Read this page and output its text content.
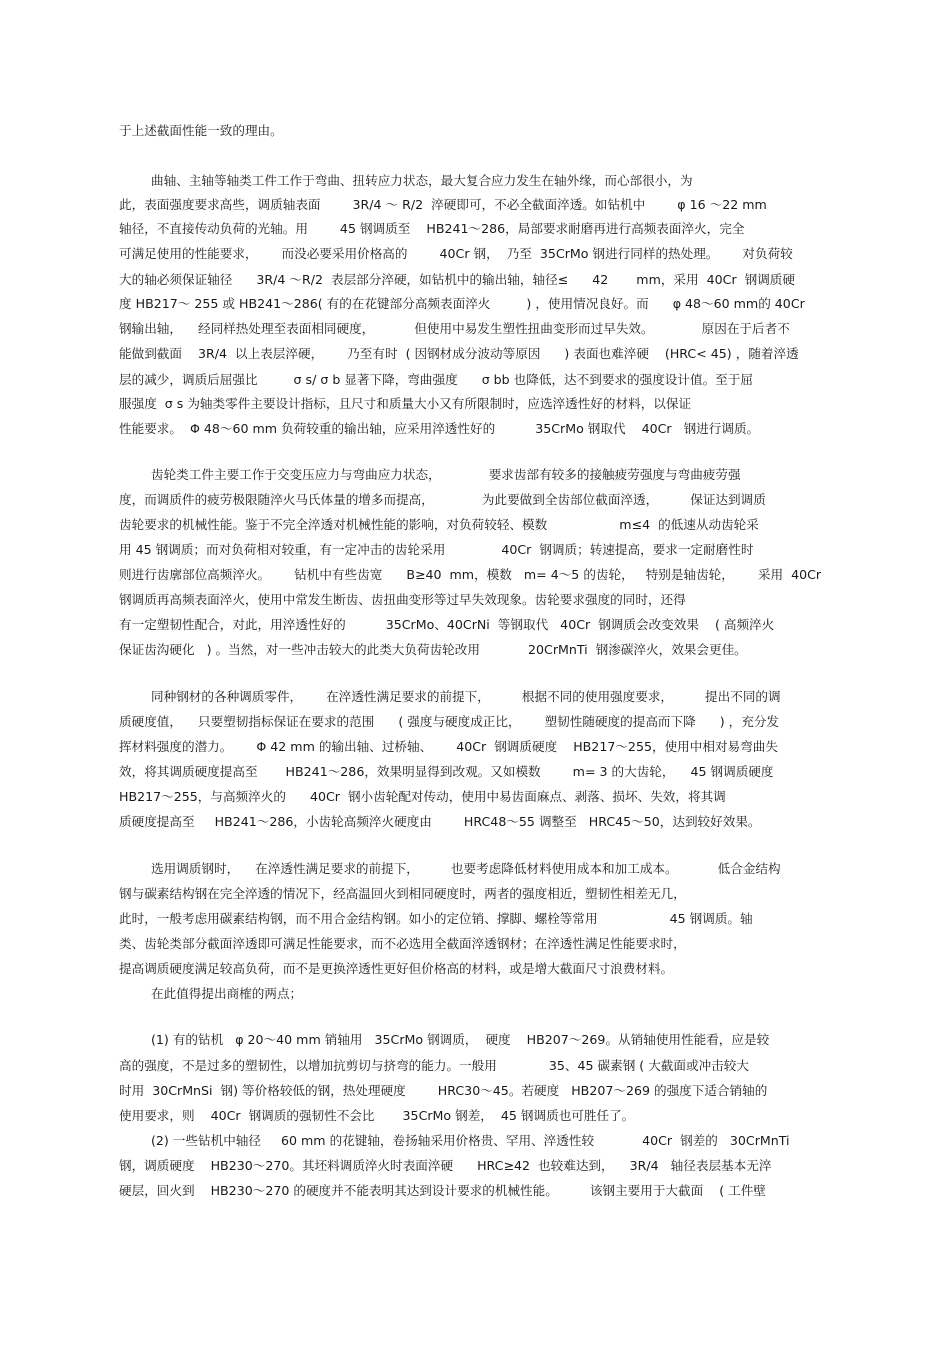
于上述截面性能一致的理由。
曲轴、主轴等轴类工件工作于弯曲、扭转应力状态，最大复合应力发生在轴外缘，而心部很小，为
此，表面强度要求高些，调质轴表面        3R/4 ～ R/2  淬硬即可，不必全截面淬透。如钻机中        φ 16 ～22 mm
轴径，不直接传动负荷的光轴。用        45 钢调质至    HB241～286，局部要求耐磨再进行高频表面淬火，完全
可满足使用的性能要求，      而没必要采用价格高的        40Cr 钢，  乃至  35CrMo 钢进行同样的热处理。      对负荷较
大的轴必须保证轴径      3R/4 ～R/2  表层部分淬硬，如钻机中的输出轴，轴径≤      42       mm，采用  40Cr  钢调质硬
度 HB217～ 255 或 HB241～286( 有的在花键部分高频表面淬火         ) ，使用情况良好。而      φ 48～60 mm的 40Cr
钢输出轴，    经同样热处理至表面相同硬度，          但使用中易发生塑性扭曲变形而过早失效。            原因在于后者不
能做到截面    3R/4  以上表层淬硬，      乃至有时  ( 因钢材成分波动等原因      ) 表面也难淬硬    (HRC< 45) ，随着淬透
层的减少，调质后屈强比         σ s/ σ b 显著下降，弯曲强度      σ bb 也降低，达不到要求的强度设计值。至于屈
服强度  σ s 为轴类零件主要设计指标，且尺寸和质量大小又有所限制时，应选淬透性好的材料，以保证
性能要求。  Φ 48～60 mm 负荷较重的输出轴，应采用淬透性好的          35CrMo 钢取代    40Cr   钢进行调质。
齿轮类工件主要工作于交变压应力与弯曲应力状态，            要求齿部有较多的接触疲劳强度与弯曲疲劳强
度，而调质件的疲劳极限随淬火马氏体量的增多而提高，            为此要做到全齿部位截面淬透，        保证达到调质
齿轮要求的机械性能。鉴于不完全淬透对机械性能的影响，对负荷较轻、模数                  m≤4  的低速从动齿轮采
用 45 钢调质；而对负荷相对较重，有一定冲击的齿轮采用              40Cr  钢调质；转速提高，要求一定耐磨性时
则进行齿廓部位高频淬火。      钻机中有些齿宽      B≥40  mm，模数   m= 4～5 的齿轮，   特别是轴齿轮，      采用  40Cr
钢调质再高频表面淬火，使用中常发生断齿、齿扭曲变形等过早失效现象。齿轮要求强度的同时，还得
有一定塑韧性配合，对此，用淬透性好的          35CrMo、40CrNi  等钢取代   40Cr  钢调质会改变效果    ( 高频淬火
保证齿沟硬化   ) 。当然，对一些冲击较大的此类大负荷齿轮改用            20CrMnTi  钢渗碳淬火，效果会更佳。
同种钢材的各种调质零件，      在淬透性满足要求的前提下，        根据不同的使用强度要求，        提出不同的调
质硬度值，    只要塑韧指标保证在要求的范围      ( 强度与硬度成正比，      塑韧性随硬度的提高而下降      ) ，充分发
挥材料强度的潜力。      Φ 42 mm 的输出轴、过桥轴、      40Cr  钢调质硬度    HB217～255，使用中相对易弯曲失
效，将其调质硬度提高至       HB241～286，效果明显得到改观。又如模数        m= 3 的大齿轮，    45 钢调质硬度
HB217～255，与高频淬火的      40Cr  钢小齿轮配对传动，使用中易齿面麻点、剥落、损坏、失效，将其调
质硬度提高至     HB241～286，小齿轮高频淬火硬度由        HRC48～55 调整至   HRC45～50，达到较好效果。
选用调质钢时，    在淬透性满足要求的前提下，        也要考虑降低材料使用成本和加工成本。          低合金结构
钢与碳素结构钢在完全淬透的情况下，经高温回火到相同硬度时，两者的强度相近，塑韧性相差无几，
此时，一般考虑用碳素结构钢，而不用合金结构钢。如小的定位销、撑脚、螺栓等常用                  45 钢调质。轴
类、齿轮类部分截面淬透即可满足性能要求，而不必选用全截面淬透钢材；在淬透性满足性能要求时，
提高调质硬度满足较高负荷，而不是更换淬透性更好但价格高的材料，或是增大截面尺寸浪费材料。
在此值得提出商榷的两点；
(1) 有的钻机   φ 20～40 mm 销轴用   35CrMo 钢调质，  硬度    HB207～269。从销轴使用性能看，应是较
高的强度，不是过多的塑韧性，以增加抗剪切与挤弯的能力。一般用             35、45 碳素钢 ( 大截面或冲击较大
时用  30CrMnSi  钢) 等价格较低的钢，热处理硬度        HRC30～45。若硬度   HB207～269 的强度下适合销轴的
使用要求，则    40Cr  钢调质的强韧性不会比       35CrMo 钢差，  45 钢调质也可胜任了。
(2) 一些钻机中轴径     60 mm 的花键轴，卷扬轴采用价格贵、罕用、淬透性较            40Cr  钢差的   30CrMnTi
钢，调质硬度    HB230～270。其坯料调质淬火时表面淬硬      HRC≥42  也较难达到，    3R/4   轴径表层基本无淬
硬层，回火到    HB230～270 的硬度并不能表明其达到设计要求的机械性能。        该钢主要用于大截面    ( 工件壁
